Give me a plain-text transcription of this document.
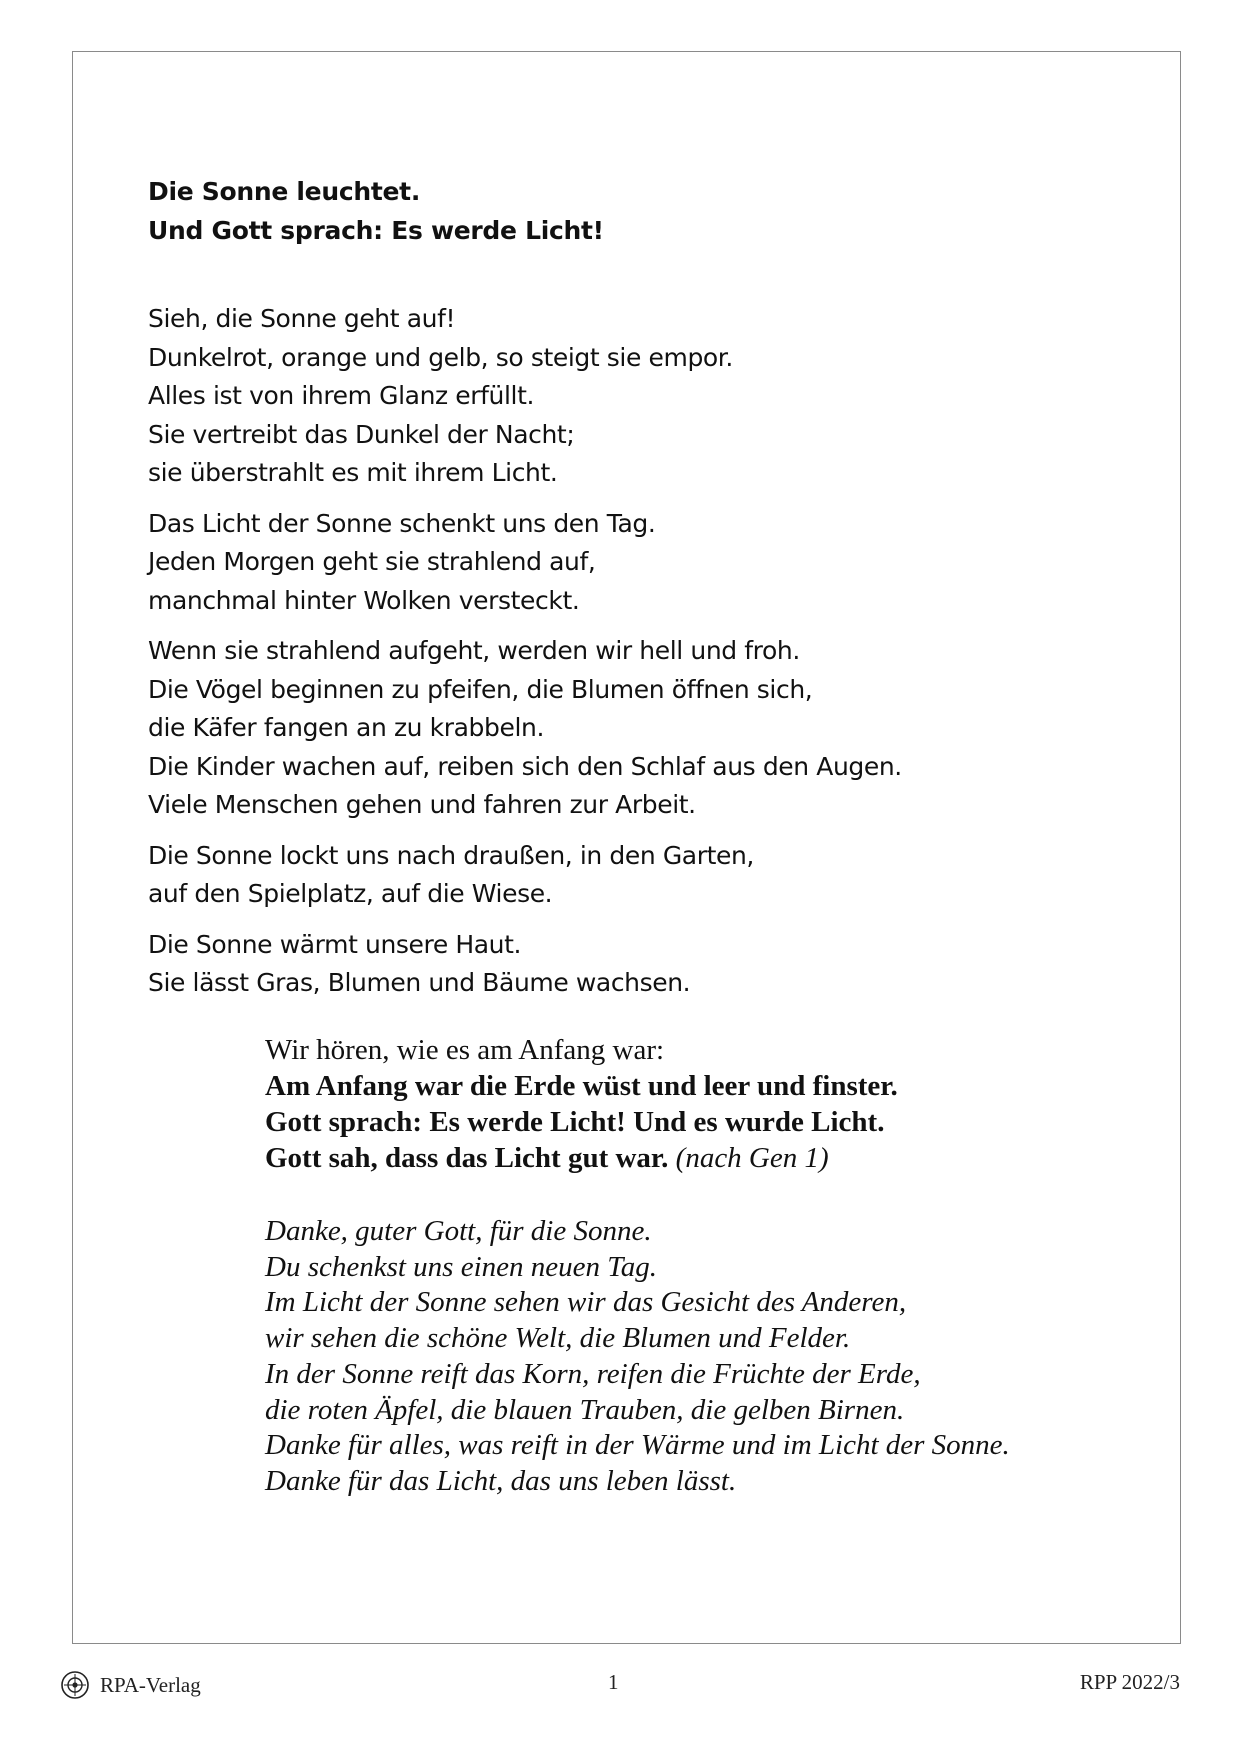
Die Sonne leuchtet.
Und Gott sprach: Es werde Licht!
Sieh, die Sonne geht auf!
Dunkelrot, orange und gelb, so steigt sie empor.
Alles ist von ihrem Glanz erfüllt.
Sie vertreibt das Dunkel der Nacht;
sie überstrahlt es mit ihrem Licht.
Das Licht der Sonne schenkt uns den Tag.
Jeden Morgen geht sie strahlend auf,
manchmal hinter Wolken versteckt.
Wenn sie strahlend aufgeht, werden wir hell und froh.
Die Vögel beginnen zu pfeifen, die Blumen öffnen sich,
die Käfer fangen an zu krabbeln.
Die Kinder wachen auf, reiben sich den Schlaf aus den Augen.
Viele Menschen gehen und fahren zur Arbeit.
Die Sonne lockt uns nach draußen, in den Garten,
auf den Spielplatz, auf die Wiese.
Die Sonne wärmt unsere Haut.
Sie lässt Gras, Blumen und Bäume wachsen.
Wir hören, wie es am Anfang war:
Am Anfang war die Erde wüst und leer und finster.
Gott sprach: Es werde Licht! Und es wurde Licht.
Gott sah, dass das Licht gut war. (nach Gen 1)
Danke, guter Gott, für die Sonne.
Du schenkst uns einen neuen Tag.
Im Licht der Sonne sehen wir das Gesicht des Anderen,
wir sehen die schöne Welt, die Blumen und Felder.
In der Sonne reift das Korn, reifen die Früchte der Erde,
die roten Äpfel, die blauen Trauben, die gelben Birnen.
Danke für alles, was reift in der Wärme und im Licht der Sonne.
Danke für das Licht, das uns leben lässt.
RPA-Verlag	1	RPP 2022/3
